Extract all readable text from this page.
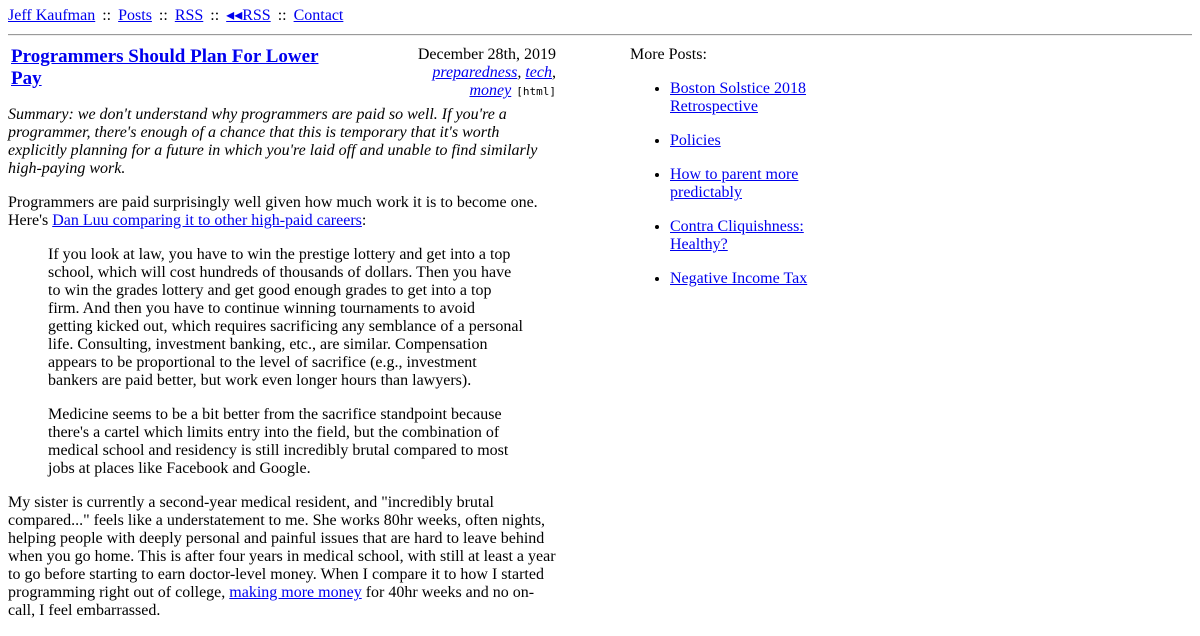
Jeff Kaufman :: Posts :: RSS :: ◂◂RSS :: Contact
Programmers Should Plan For Lower Pay
December 28th, 2019
preparedness, tech,
money [html]

Summary: we don't understand why programmers are paid so well. If you're a programmer, there's enough of a chance that this is temporary that it's worth explicitly planning for a future in which you're laid off and unable to find similarly high-paying work.

Programmers are paid surprisingly well given how much work it is to become one. Here's Dan Luu comparing it to other high-paid careers:

If you look at law, you have to win the prestige lottery and get into a top school, which will cost hundreds of thousands of dollars. Then you have to win the grades lottery and get good enough grades to get into a top firm. And then you have to continue winning tournaments to avoid getting kicked out, which requires sacrificing any semblance of a personal life. Consulting, investment banking, etc., are similar. Compensation appears to be proportional to the level of sacrifice (e.g., investment bankers are paid better, but work even longer hours than lawyers).

Medicine seems to be a bit better from the sacrifice standpoint because there's a cartel which limits entry into the field, but the combination of medical school and residency is still incredibly brutal compared to most jobs at places like Facebook and Google.

My sister is currently a second-year medical resident, and "incredibly brutal compared..." feels like a understatement to me. She works 80hr weeks, often nights, helping people with deeply personal and painful issues that are hard to leave behind when you go home. This is after four years in medical school, with still at least a year to go before starting to earn doctor-level money. When I compare it to how I started programming right out of college, making more money for 40hr weeks and no on-call, I feel embarrassed.

More Posts:
• Boston Solstice 2018 Retrospective
• Policies
• How to parent more predictably
• Contra Cliquishness: Healthy?
• Negative Income Tax
